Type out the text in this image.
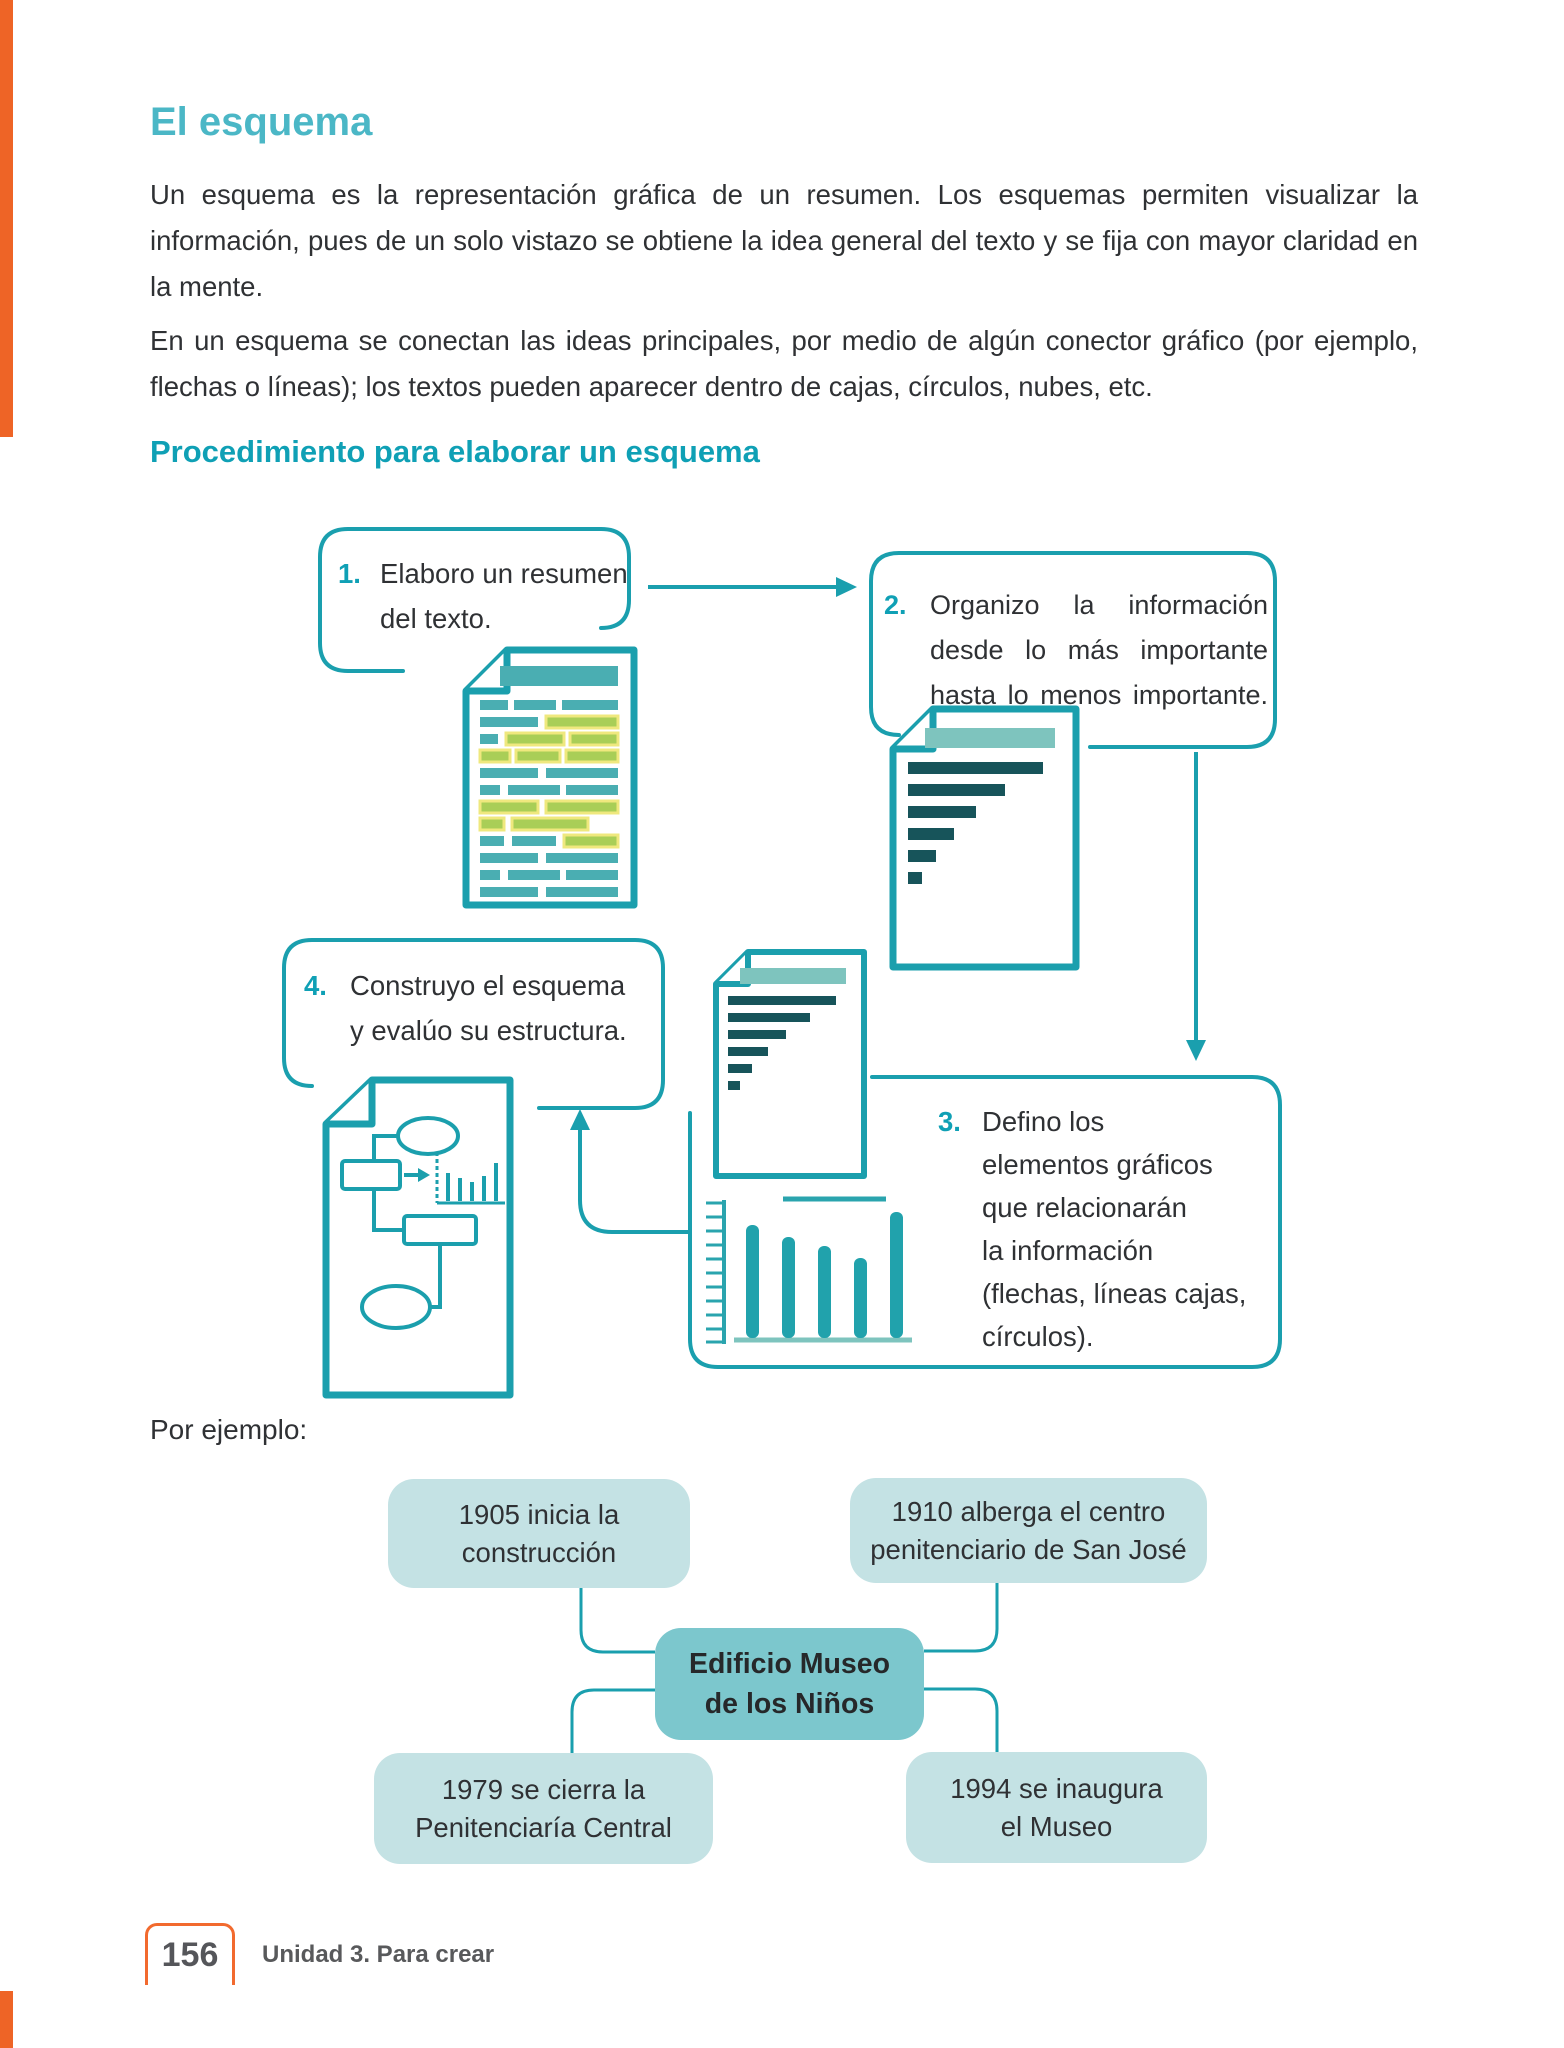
El esquema
Un esquema es la representación gráfica de un resumen. Los esquemas permiten visualizar la información, pues de un solo vistazo se obtiene la idea general del texto y se fija con mayor claridad en la mente.
En un esquema se conectan las ideas principales, por medio de algún conector gráfico (por ejemplo, flechas o líneas); los textos pueden aparecer dentro de cajas, círculos, nubes, etc.
Procedimiento para elaborar un esquema
1. Elaboro un resumen
del texto.	2. Organizo la información
desde lo más importante
hasta lo menos importante.
3. Defino los
elementos gráficos
que relacionarán
la información
(flechas, líneas cajas,
círculos).
4. Construyo el esquema
y evalúo su estructura.
Por ejemplo:
1905 inicia la
construcción
1910 alberga el centro
penitenciario de San José
Edificio Museo
de los Niños
1979 se cierra la
Penitenciaría Central
1994 se inaugura
el Museo
156 Unidad 3. Para crear
